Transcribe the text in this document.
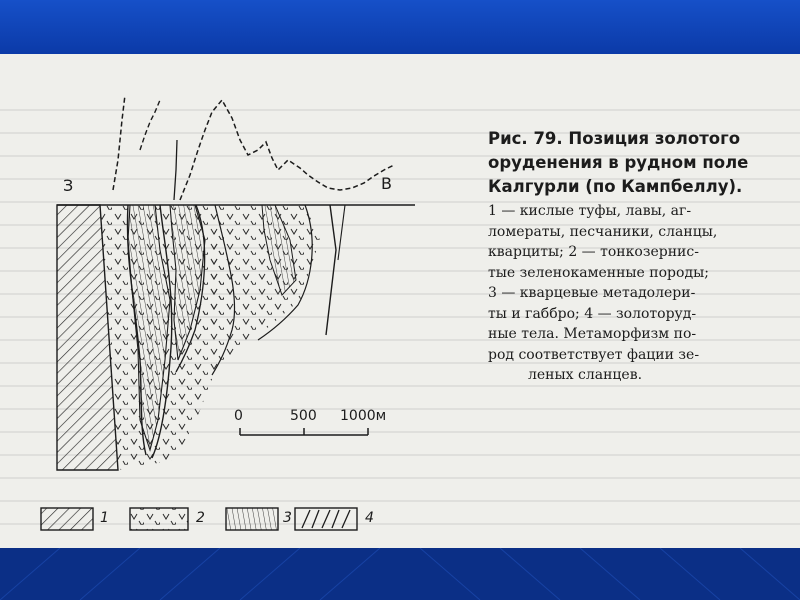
З	В
0	500 1000м
1	2	3	4

Рис. 79. Позиция золотого оруденения в рудном поле Калгурли (по Кампбеллу).

1 — кислые туфы, лавы, аг-
ломераты, песчаники, сланцы,
кварциты; 2 — тонкозернис-
тые зеленокаменные породы;
3 — кварцевые метадолери-
ты и габбро; 4 — золоторуд-
ные тела. Метаморфизм по-
род соответствует фации зе-
леных сланцев.
